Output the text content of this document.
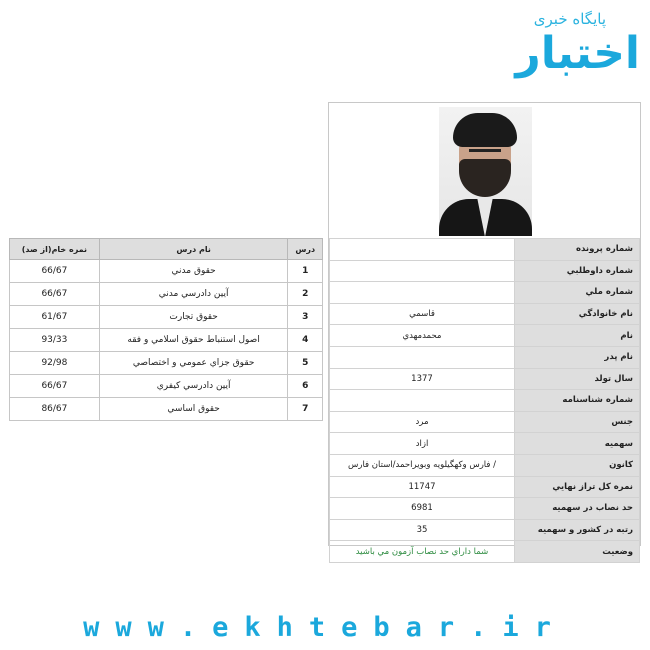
پایگاه خبری
اختبار
درس	نام درس	نمره خام(از صد)
1	حقوق مدني	66/67
2	آيين دادرسي مدني	66/67
3	حقوق تجارت	61/67
4	اصول استنباط حقوق اسلامي و فقه	93/33
5	حقوق جزاي عمومي و اختصاصي	92/98
6	آيين دادرسي كيفري	66/67
7	حقوق اساسي	86/67
شماره پرونده	
شماره داوطلبي	
شماره ملي	
نام خانوادگي	قاسمي
نام	محمدمهدي
نام پدر	
سال تولد	1377
شماره شناسنامه	
جنس	مرد
سهميه	ازاد
كانون	/ فارس وكهگيلويه وبويراحمد/استان فارس
نمره كل تراز نهايي	11747
حد نصاب در سهميه	6981
رتبه در كشور و سهميه	35
وضعيت	شما داراي حد نصاب آزمون مي باشيد
www.ekhtebar.ir
